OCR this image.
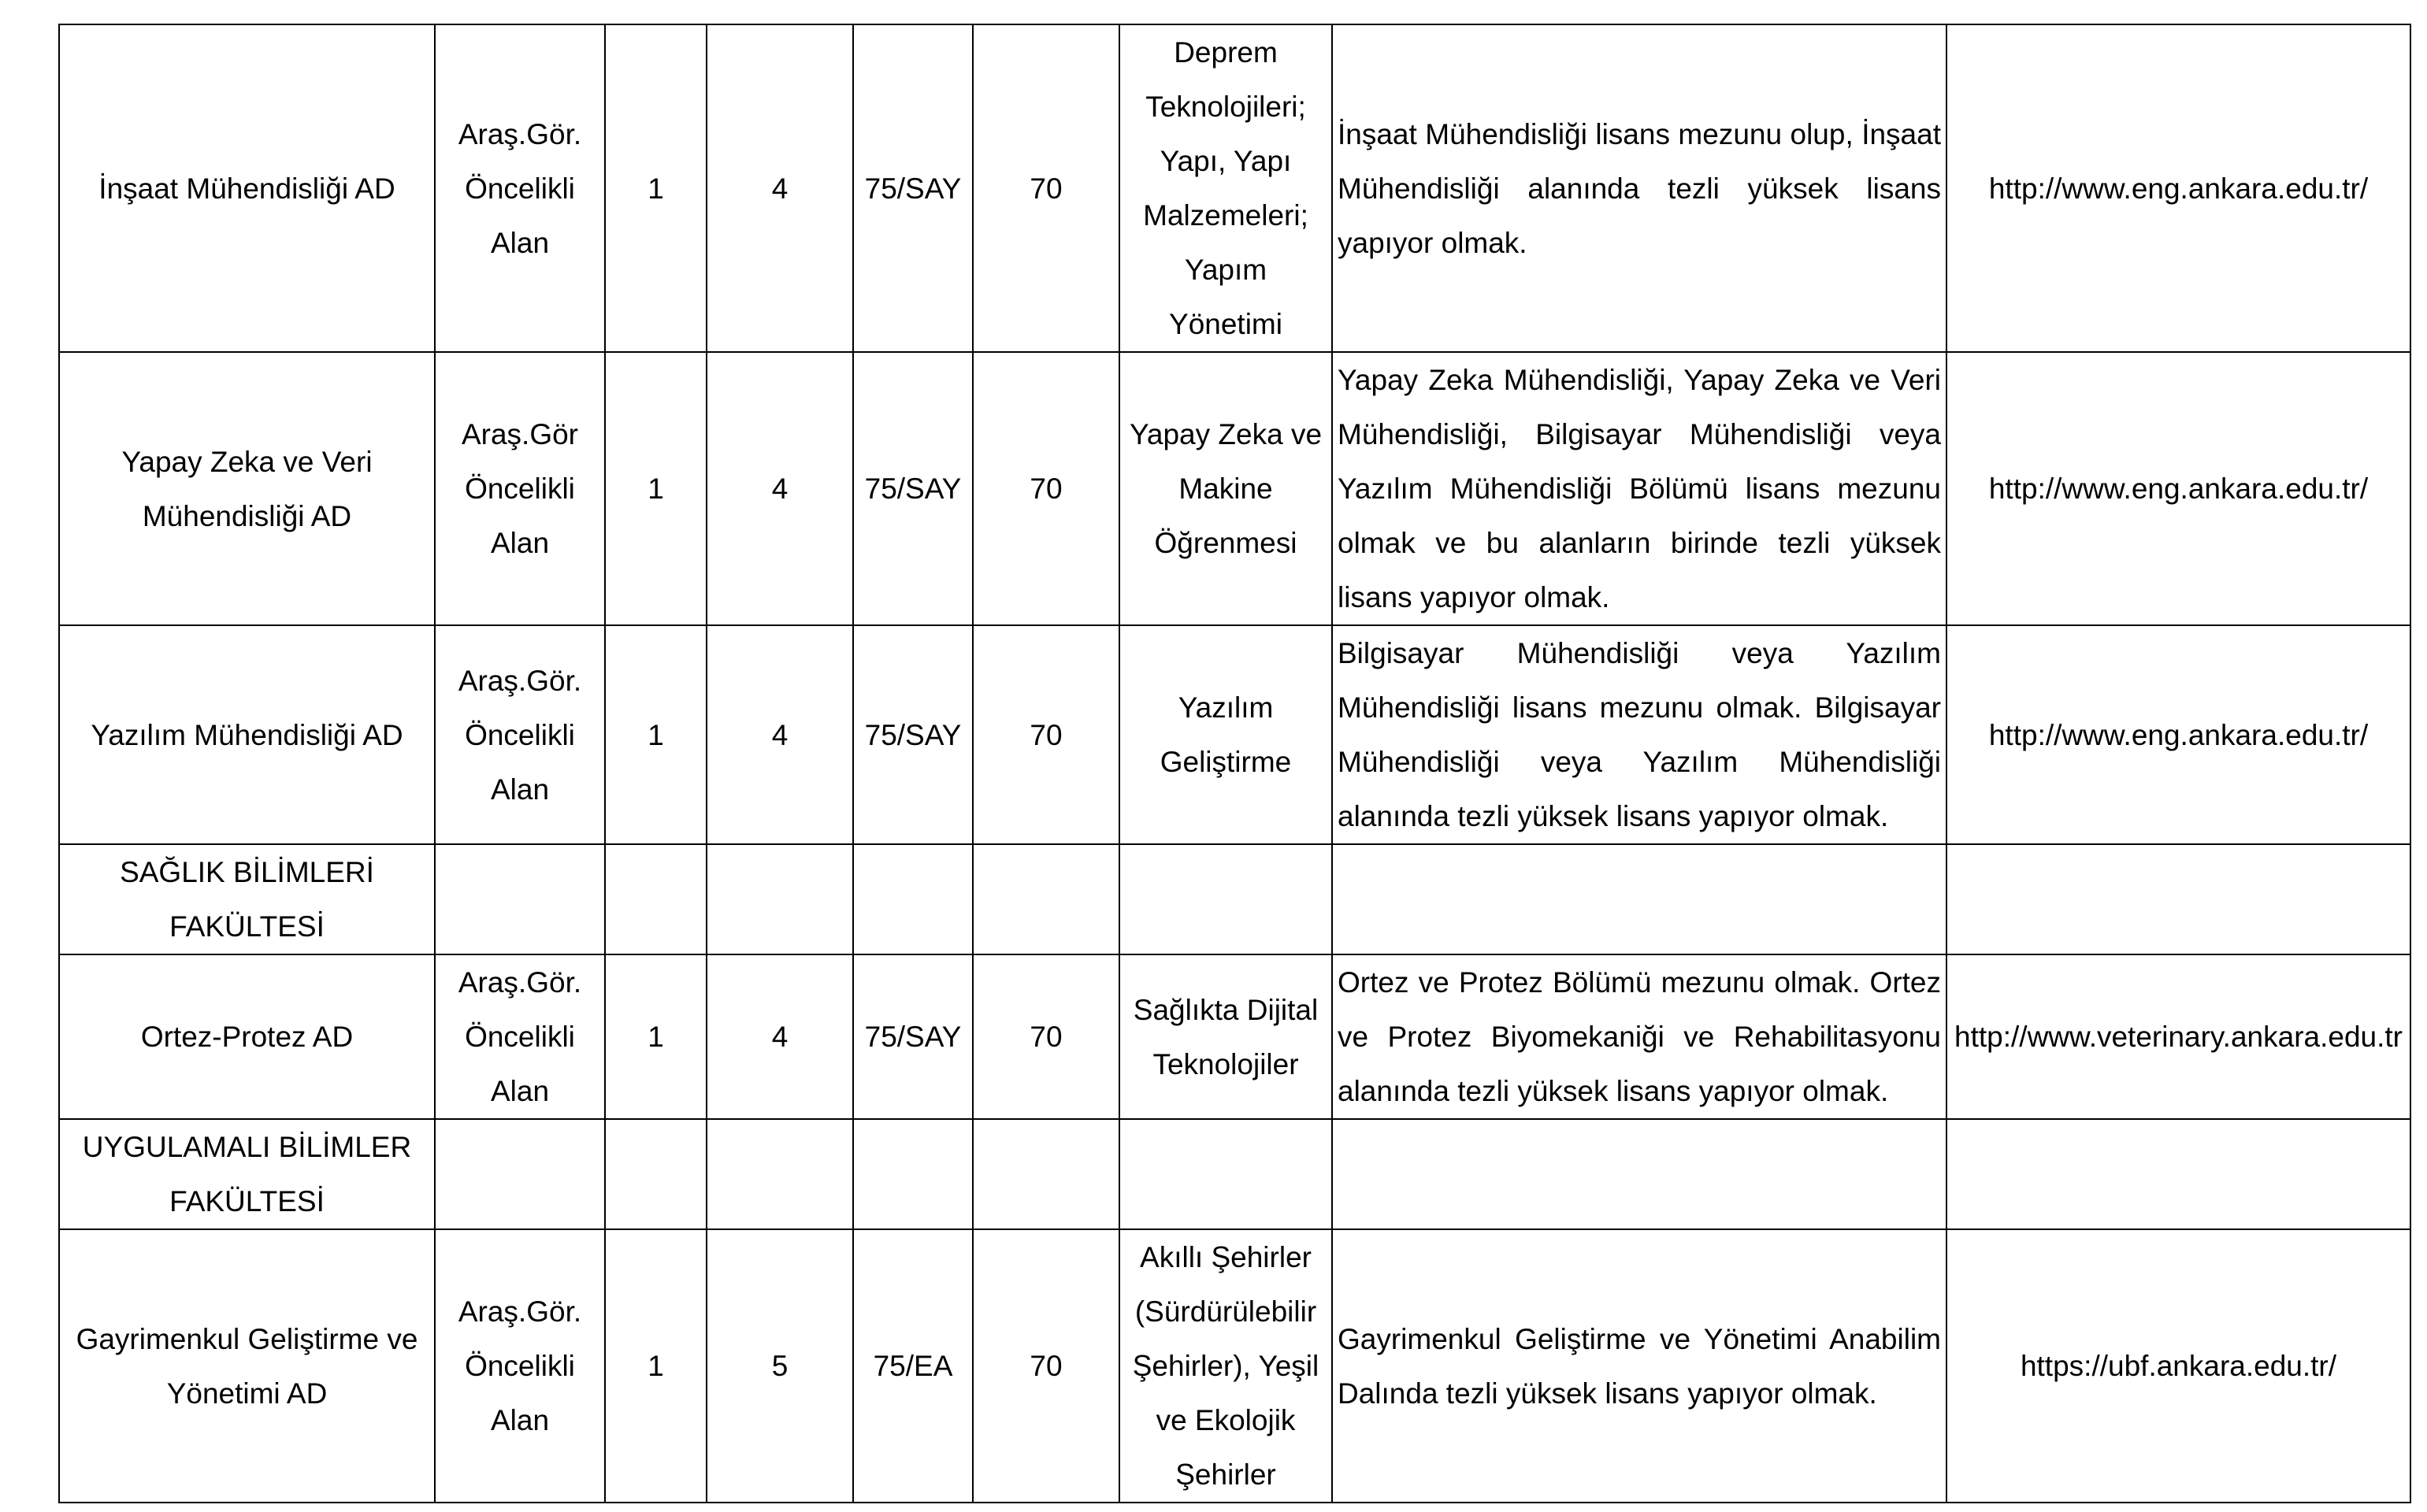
İnşaat Mühendisliği AD	Araş.Gör.
Öncelikli
Alan	1	4	75/SAY	70	Deprem
Teknolojileri;
Yapı, Yapı
Malzemeleri;
Yapım Yönetimi	İnşaat Mühendisliği lisans mezunu olup, İnşaat Mühendisliği alanında tezli yüksek lisans yapıyor olmak.	http://www.eng.ankara.edu.tr/

Yapay Zeka ve Veri
Mühendisliği AD	Araş.Gör
Öncelikli
Alan	1	4	75/SAY	70	Yapay Zeka ve
Makine
Öğrenmesi	Yapay Zeka Mühendisliği, Yapay Zeka ve Veri Mühendisliği, Bilgisayar Mühendisliği veya Yazılım Mühendisliği Bölümü lisans mezunu olmak ve bu alanların birinde tezli yüksek lisans yapıyor olmak.	http://www.eng.ankara.edu.tr/

Yazılım Mühendisliği AD	Araş.Gör.
Öncelikli
Alan	1	4	75/SAY	70	Yazılım
Geliştirme	Bilgisayar Mühendisliği veya Yazılım Mühendisliği lisans mezunu olmak. Bilgisayar Mühendisliği veya Yazılım Mühendisliği alanında tezli yüksek lisans yapıyor olmak.	http://www.eng.ankara.edu.tr/

SAĞLIK BİLİMLERİ
FAKÜLTESİ								

Ortez-Protez AD	Araş.Gör.
Öncelikli
Alan	1	4	75/SAY	70	Sağlıkta Dijital
Teknolojiler	Ortez ve Protez Bölümü mezunu olmak. Ortez ve Protez Biyomekaniği ve Rehabilitasyonu alanında tezli yüksek lisans yapıyor olmak.	http://www.veterinary.ankara.edu.tr

UYGULAMALI BİLİMLER
FAKÜLTESİ								

Gayrimenkul Geliştirme ve
Yönetimi AD	Araş.Gör.
Öncelikli
Alan	1	5	75/EA	70	Akıllı Şehirler
(Sürdürülebilir
Şehirler), Yeşil
ve Ekolojik
Şehirler	Gayrimenkul Geliştirme ve Yönetimi Anabilim Dalında tezli yüksek lisans yapıyor olmak.	https://ubf.ankara.edu.tr/
